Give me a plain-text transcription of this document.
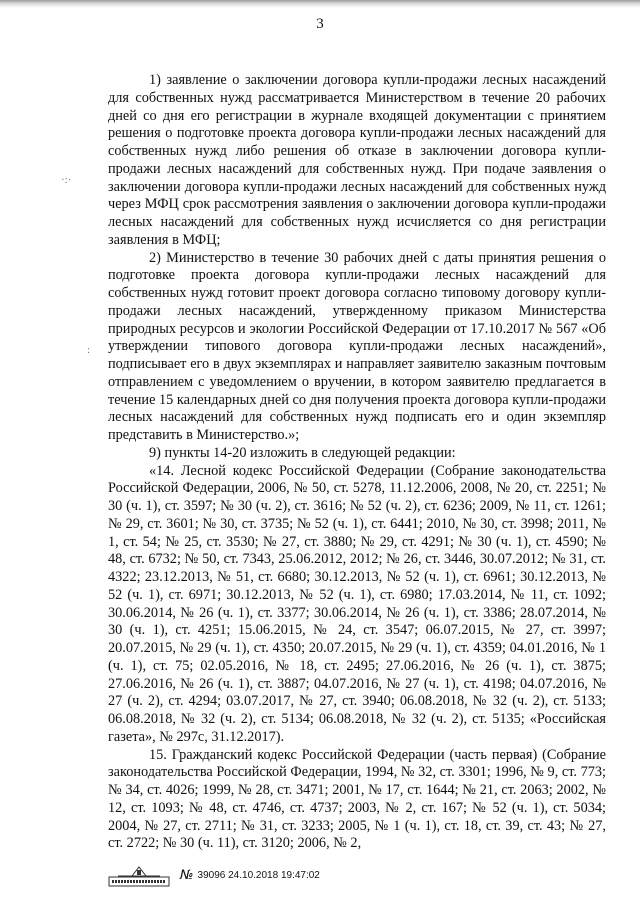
3
·:·
:

1) заявление о заключении договора купли-продажи лесных насаждений для собственных нужд рассматривается Министерством в течение 20 рабочих дней со дня его регистрации в журнале входящей документации с принятием решения о подготовке проекта договора купли-продажи лесных насаждений для собственных нужд либо решения об отказе в заключении договора купли-продажи лесных насаждений для собственных нужд. При подаче заявления о заключении договора купли-продажи лесных насаждений для собственных нужд через МФЦ срок рассмотрения заявления о заключении договора купли-продажи лесных насаждений для собственных нужд исчисляется со дня регистрации заявления в МФЦ;

2) Министерство в течение 30 рабочих дней с даты принятия решения о подготовке проекта договора купли-продажи лесных насаждений для собственных нужд готовит проект договора согласно типовому договору купли-продажи лесных насаждений, утвержденному приказом Министерства природных ресурсов и экологии Российской Федерации от 17.10.2017 № 567 «Об утверждении типового договора купли-продажи лесных насаждений», подписывает его в двух экземплярах и направляет заявителю заказным почтовым отправлением с уведомлением о вручении, в котором заявителю предлагается в течение 15 календарных дней со дня получения проекта договора купли-продажи лесных насаждений для собственных нужд подписать его и один экземпляр представить в Министерство.»;

9) пункты 14-20 изложить в следующей редакции:

«14. Лесной кодекс Российской Федерации (Собрание законодательства Российской Федерации, 2006, № 50, ст. 5278, 11.12.2006, 2008, № 20, ст. 2251; № 30 (ч. 1), ст. 3597; № 30 (ч. 2), ст. 3616; № 52 (ч. 2), ст. 6236; 2009, № 11, ст. 1261; № 29, ст. 3601; № 30, ст. 3735; № 52 (ч. 1), ст. 6441; 2010, № 30, ст. 3998; 2011, № 1, ст. 54; № 25, ст. 3530; № 27, ст. 3880; № 29, ст. 4291; № 30 (ч. 1), ст. 4590; № 48, ст. 6732; № 50, ст. 7343, 25.06.2012, 2012; № 26, ст. 3446, 30.07.2012; № 31, ст. 4322; 23.12.2013, № 51, ст. 6680; 30.12.2013, № 52 (ч. 1), ст. 6961; 30.12.2013, № 52 (ч. 1), ст. 6971; 30.12.2013, № 52 (ч. 1), ст. 6980; 17.03.2014, № 11, ст. 1092; 30.06.2014, № 26 (ч. 1), ст. 3377; 30.06.2014, № 26 (ч. 1), ст. 3386; 28.07.2014, № 30 (ч. 1), ст. 4251; 15.06.2015, № 24, ст. 3547; 06.07.2015, № 27, ст. 3997; 20.07.2015, № 29 (ч. 1), ст. 4350; 20.07.2015, № 29 (ч. 1), ст. 4359; 04.01.2016, № 1 (ч. 1), ст. 75; 02.05.2016, № 18, ст. 2495; 27.06.2016, № 26 (ч. 1), ст. 3875; 27.06.2016, № 26 (ч. 1), ст. 3887; 04.07.2016, № 27 (ч. 1), ст. 4198; 04.07.2016, № 27 (ч. 2), ст. 4294; 03.07.2017, № 27, ст. 3940; 06.08.2018, № 32 (ч. 2), ст. 5133; 06.08.2018, № 32 (ч. 2), ст. 5134; 06.08.2018, № 32 (ч. 2), ст. 5135; «Российская газета», № 297с, 31.12.2017).

15. Гражданский кодекс Российской Федерации (часть первая) (Собрание законодательства Российской Федерации, 1994, № 32, ст. 3301; 1996, № 9, ст. 773; № 34, ст. 4026; 1999, № 28, ст. 3471; 2001, № 17, ст. 1644; № 21, ст. 2063; 2002, № 12, ст. 1093; № 48, ст. 4746, ст. 4737; 2003, № 2, ст. 167; № 52 (ч. 1), ст. 5034; 2004, № 27, ст. 2711; № 31, ст. 3233; 2005, № 1 (ч. 1), ст. 18, ст. 39, ст. 43; № 27, ст. 2722; № 30 (ч. 11), ст. 3120; 2006, № 2,

№ 39096 24.10.2018 19:47:02
